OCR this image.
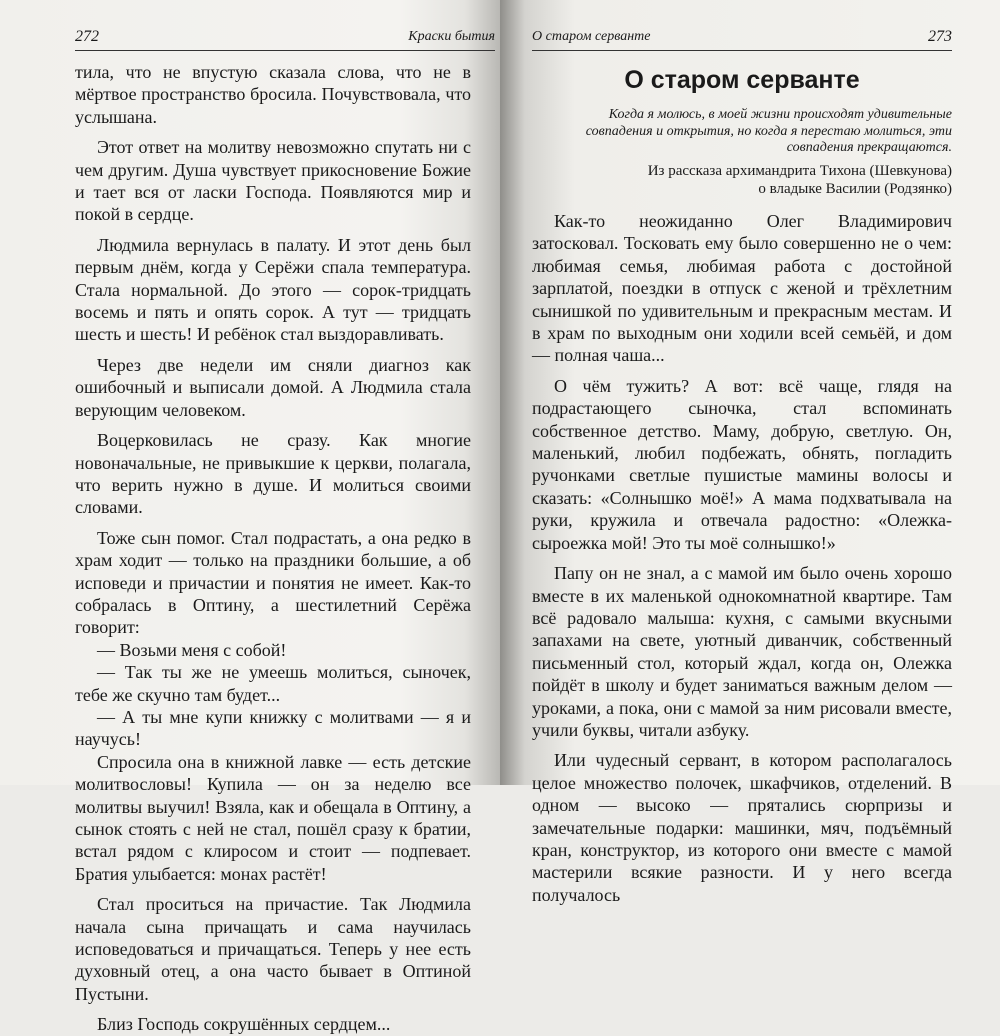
272	Краски бытия

тила, что не впустую сказала слова, что не в мёртвое пространство бросила. Почувствовала, что услышана.

Этот ответ на молитву невозможно спутать ни с чем другим. Душа чувствует прикосновение Божие и тает вся от ласки Господа. Появляются мир и покой в сердце.

Людмила вернулась в палату. И этот день был первым днём, когда у Серёжи спала температура. Стала нормальной. До этого — сорок-тридцать восемь и пять и опять сорок. А тут — тридцать шесть и шесть! И ребёнок стал выздоравливать.

Через две недели им сняли диагноз как ошибочный и выписали домой. А Людмила стала верующим человеком.

Воцерковилась не сразу. Как многие новоначальные, не привыкшие к церкви, полагала, что верить нужно в душе. И молиться своими словами.

Тоже сын помог. Стал подрастать, а она редко в храм ходит — только на праздники большие, а об исповеди и причастии и понятия не имеет. Как-то собралась в Оптину, а шестилетний Серёжа говорит:

— Возьми меня с собой!

— Так ты же не умеешь молиться, сыночек, тебе же скучно там будет...

— А ты мне купи книжку с молитвами — я и научусь!

Спросила она в книжной лавке — есть детские молитвословы! Купила — он за неделю все молитвы выучил! Взяла, как и обещала в Оптину, а сынок стоять с ней не стал, пошёл сразу к братии, встал рядом с клиросом и стоит — подпевает. Братия улыбается: монах растёт!

Стал проситься на причастие. Так Людмила начала сына причащать и сама научилась исповедоваться и причащаться. Теперь у нее есть духовный отец, а она часто бывает в Оптиной Пустыни.

Близ Господь сокрушённых сердцем...

О старом серванте	273
О старом серванте
Когда я молюсь, в моей жизни происходят удивительные совпадения и открытия, но когда я перестаю молиться, эти совпадения прекращаются.
Из рассказа архимандрита Тихона (Шевкунова)
о владыке Василии (Родзянко)

Как-то неожиданно Олег Владимирович затосковал. Тосковать ему было совершенно не о чем: любимая семья, любимая работа с достойной зарплатой, поездки в отпуск с женой и трёхлетним сынишкой по удивительным и прекрасным местам. И в храм по выходным они ходили всей семьёй, и дом — полная чаша...

О чём тужить? А вот: всё чаще, глядя на подрастающего сыночка, стал вспоминать собственное детство. Маму, добрую, светлую. Он, маленький, любил подбежать, обнять, погладить ручонками светлые пушистые мамины волосы и сказать: «Солнышко моё!» А мама подхватывала на руки, кружила и отвечала радостно: «Олежка-сыроежка мой! Это ты моё солнышко!»

Папу он не знал, а с мамой им было очень хорошо вместе в их маленькой однокомнатной квартире. Там всё радовало малыша: кухня, с самыми вкусными запахами на свете, уютный диванчик, собственный письменный стол, который ждал, когда он, Олежка пойдёт в школу и будет заниматься важным делом — уроками, а пока, они с мамой за ним рисовали вместе, учили буквы, читали азбуку.

Или чудесный сервант, в котором располагалось целое множество полочек, шкафчиков, отделений. В одном — высоко — прятались сюрпризы и замечательные подарки: машинки, мяч, подъёмный кран, конструктор, из которого они вместе с мамой мастерили всякие разности. И у него всегда получалось
